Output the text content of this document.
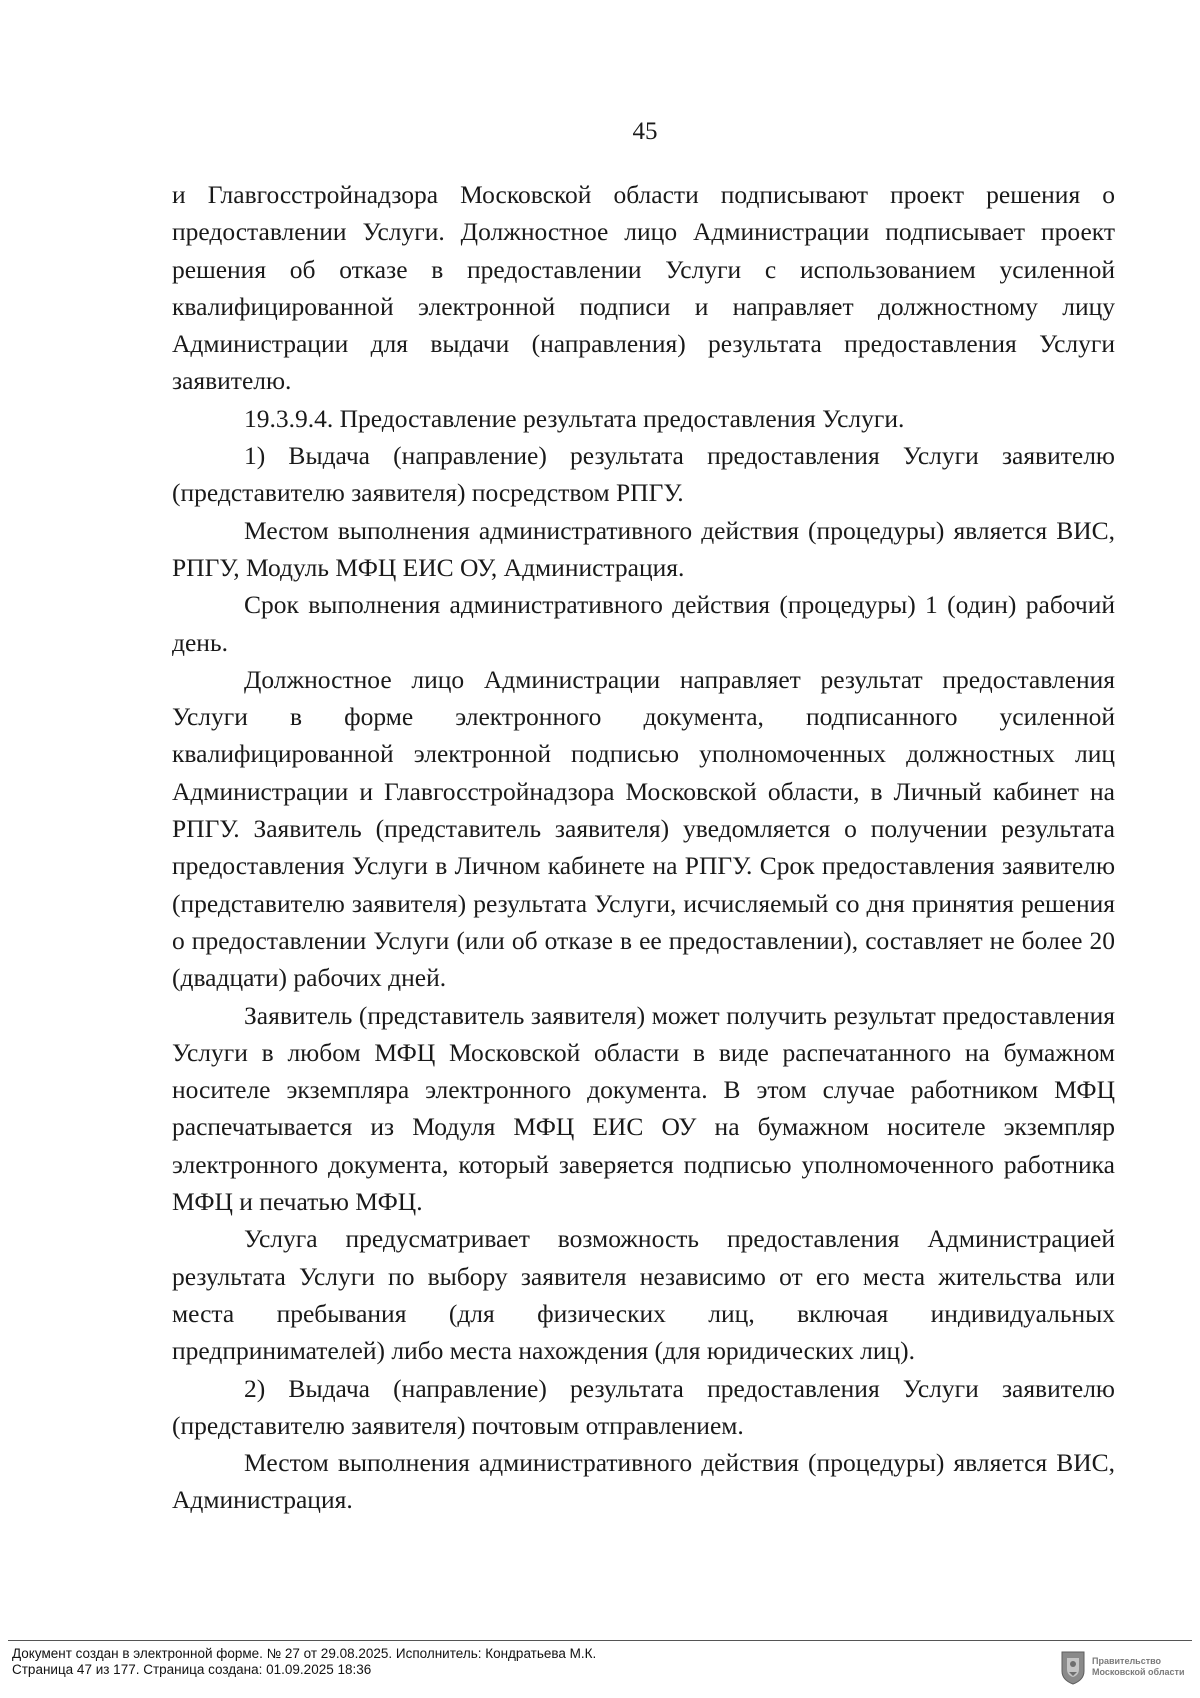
45

и Главгосстройнадзора Московской области подписывают проект решения о предоставлении Услуги. Должностное лицо Администрации подписывает проект решения об отказе в предоставлении Услуги с использованием усиленной квалифицированной электронной подписи и направляет должностному лицу Администрации для выдачи (направления) результата предоставления Услуги заявителю.

19.3.9.4. Предоставление результата предоставления Услуги.

1) Выдача (направление) результата предоставления Услуги заявителю (представителю заявителя) посредством РПГУ.

Местом выполнения административного действия (процедуры) является ВИС, РПГУ, Модуль МФЦ ЕИС ОУ, Администрация.

Срок выполнения административного действия (процедуры) 1 (один) рабочий день.

Должностное лицо Администрации направляет результат предоставления Услуги в форме электронного документа, подписанного усиленной квалифицированной электронной подписью уполномоченных должностных лиц Администрации и Главгосстройнадзора Московской области, в Личный кабинет на РПГУ. Заявитель (представитель заявителя) уведомляется о получении результата предоставления Услуги в Личном кабинете на РПГУ. Срок предоставления заявителю (представителю заявителя) результата Услуги, исчисляемый со дня принятия решения о предоставлении Услуги (или об отказе в ее предоставлении), составляет не более 20 (двадцати) рабочих дней.

Заявитель (представитель заявителя) может получить результат предоставления Услуги в любом МФЦ Московской области в виде распечатанного на бумажном носителе экземпляра электронного документа. В этом случае работником МФЦ распечатывается из Модуля МФЦ ЕИС ОУ на бумажном носителе экземпляр электронного документа, который заверяется подписью уполномоченного работника МФЦ и печатью МФЦ.

Услуга предусматривает возможность предоставления Администрацией результата Услуги по выбору заявителя независимо от его места жительства или места пребывания (для физических лиц, включая индивидуальных предпринимателей) либо места нахождения (для юридических лиц).

2) Выдача (направление) результата предоставления Услуги заявителю (представителю заявителя) почтовым отправлением.

Местом выполнения административного действия (процедуры) является ВИС, Администрация.

Документ создан в электронной форме. № 27 от 29.08.2025. Исполнитель: Кондратьева М.К.
Страница 47 из 177. Страница создана: 01.09.2025 18:36
Правительство
Московской области
